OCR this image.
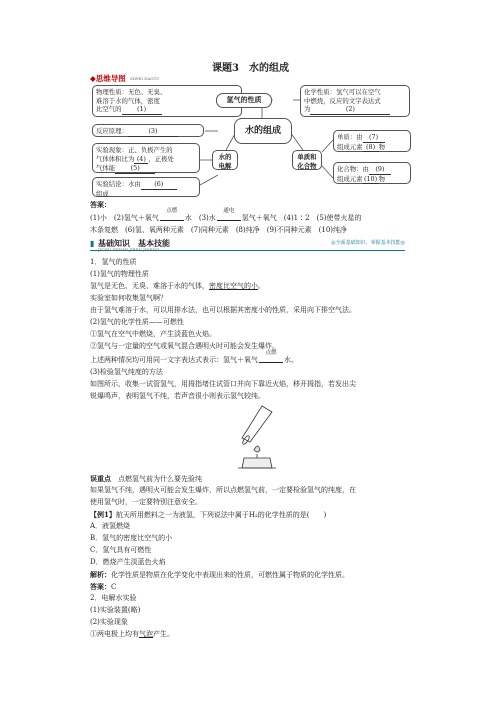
课题3　水的组成
◆思维导图 SIWEI DAOTU
物理性质：无色、无臭、
难溶于水的气体，密度
比空气的 (1)
氢气的性质
化学性质：氢气可以在空气
中燃烧，反应的文字表达式
为	(2)
水的组成
反应原理：	(3)
实验现象：正、负极产生的
气体体积比为 (4) ，正极处
气体能 (5)
水的
电解
实验结论：水由 (6)
组成
单质和
化合物
单质：由 (7)
组成元素 (8) 物
化合物：由 (9)
组成元素(10)物
答案：
(1)小　(2)氢气＋氧气
点燃
水　(3)水
通电
氢气＋氧气　(4)1∶2　(5)使带火星的
木条复燃　(6)氢、氧两种元素　(7)同种元素　(8)纯净　(9)不同种元素　(10)纯净
▮ 基础知识 基本技能
JICHU ZHISHI JIBEN JINENG
◎全面基础知识、掌握基本技能◎
1．氢气的性质
(1)氢气的物理性质
氢气是无色、无臭、难溶于水的气体，密度比空气的小。
实验室如何收集氢气啊？
由于氢气难溶于水，可以用排水法，也可以根据其密度小的性质，采用向下排空气法。
(2)氢气的化学性质——可燃性
①氢气在空气中燃烧，产生淡蓝色火焰。
②氢气与一定量的空气或氧气混合遇明火时可能会发生爆炸。
上述两种情况均可用同一文字表达式表示：氢气＋氧气
点燃
水。
(3)检验氢气纯度的方法
如图所示，收集一试管氢气，用拇指堵住试管口并向下靠近火焰，移开拇指，若发出尖
锐爆鸣声，表明氢气不纯，若声音很小则表示氢气较纯。
误重点　 点燃氢气前为什么要先验纯
如果氢气不纯，遇明火可能会发生爆炸，所以点燃氢气前，一定要检验氢气的纯度，在
使用氢气时，一定要特别注意安全。
【例1】航天所用燃料之一为液氢，下列说法中属于H₂的化学性质的是(　　)
A．液氢燃烧
B．氢气的密度比空气的小
C．氢气具有可燃性
D．燃烧产生淡蓝色火焰
解析：化学性质是物质在化学变化中表现出来的性质，可燃性属于物质的化学性质。
答案：C
2．电解水实验
(1)实验装置(略)
(2)实验现象
①两电极上均有气泡产生。
